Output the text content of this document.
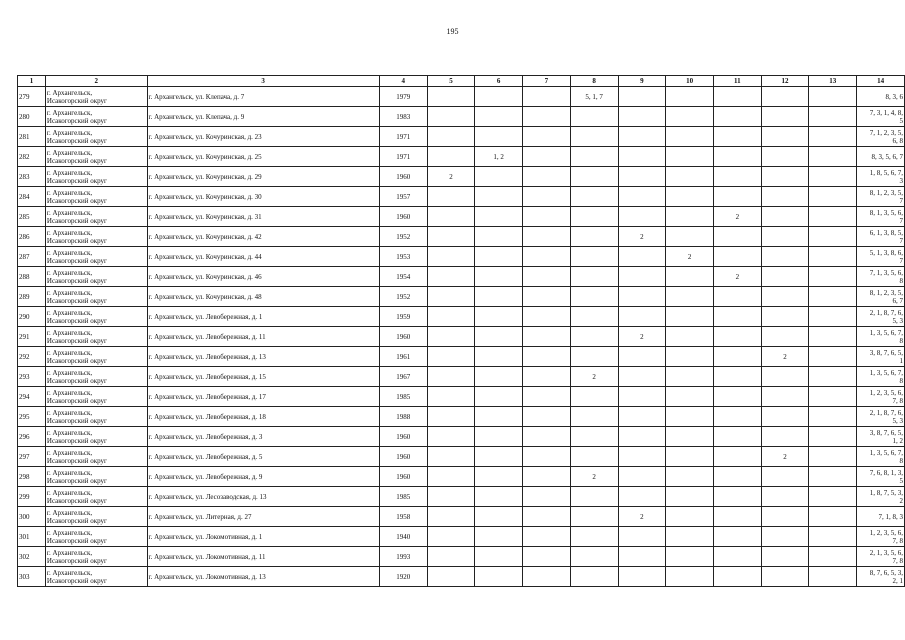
195
1	2	3	4	5	6	7	8	9	10	11	12	13	14
279	г. Архангельск,
Исакогорский округ	г. Архангельск, ул. Клепача, д. 7	1979				5, 1, 7						8, 3, 6
280	г. Архангельск,
Исакогорский округ	г. Архангельск, ул. Клепача, д. 9	1983										7, 3, 1, 4, 8,
5
281	г. Архангельск,
Исакогорский округ	г. Архангельск, ул. Кочуринская, д. 23	1971										7, 1, 2, 3, 5,
6, 8
282	г. Архангельск,
Исакогорский округ	г. Архангельск, ул. Кочуринская, д. 25	1971		1, 2								8, 3, 5, 6, 7
283	г. Архангельск,
Исакогорский округ	г. Архангельск, ул. Кочуринская, д. 29	1960	2									1, 8, 5, 6, 7,
3
284	г. Архангельск,
Исакогорский округ	г. Архангельск, ул. Кочуринская, д. 30	1957										8, 1, 2, 3, 5,
7
285	г. Архангельск,
Исакогорский округ	г. Архангельск, ул. Кочуринская, д. 31	1960							2			8, 1, 3, 5, 6,
7
286	г. Архангельск,
Исакогорский округ	г. Архангельск, ул. Кочуринская, д. 42	1952					2					6, 1, 3, 8, 5,
7
287	г. Архангельск,
Исакогорский округ	г. Архангельск, ул. Кочуринская, д. 44	1953						2				5, 1, 3, 8, 6,
7
288	г. Архангельск,
Исакогорский округ	г. Архангельск, ул. Кочуринская, д. 46	1954							2			7, 1, 3, 5, 6,
8
289	г. Архангельск,
Исакогорский округ	г. Архангельск, ул. Кочуринская, д. 48	1952										8, 1, 2, 3, 5,
6, 7
290	г. Архангельск,
Исакогорский округ	г. Архангельск, ул. Левобережная, д. 1	1959										2, 1, 8, 7, 6,
5, 3
291	г. Архангельск,
Исакогорский округ	г. Архангельск, ул. Левобережная, д. 11	1960					2					1, 3, 5, 6, 7,
8
292	г. Архангельск,
Исакогорский округ	г. Архангельск, ул. Левобережная, д. 13	1961								2		3, 8, 7, 6, 5,
1
293	г. Архангельск,
Исакогорский округ	г. Архангельск, ул. Левобережная, д. 15	1967				2						1, 3, 5, 6, 7,
8
294	г. Архангельск,
Исакогорский округ	г. Архангельск, ул. Левобережная, д. 17	1985										1, 2, 3, 5, 6,
7, 8
295	г. Архангельск,
Исакогорский округ	г. Архангельск, ул. Левобережная, д. 18	1988										2, 1, 8, 7, 6,
5, 3
296	г. Архангельск,
Исакогорский округ	г. Архангельск, ул. Левобережная, д. 3	1960										3, 8, 7, 6, 5,
1, 2
297	г. Архангельск,
Исакогорский округ	г. Архангельск, ул. Левобережная, д. 5	1960								2		1, 3, 5, 6, 7,
8
298	г. Архангельск,
Исакогорский округ	г. Архангельск, ул. Левобережная, д. 9	1960				2						7, 6, 8, 1, 3,
5
299	г. Архангельск,
Исакогорский округ	г. Архангельск, ул. Лесозаводская, д. 13	1985										1, 8, 7, 5, 3,
2
300	г. Архангельск,
Исакогорский округ	г. Архангельск, ул. Литерная, д. 27	1958					2					7, 1, 8, 3
301	г. Архангельск,
Исакогорский округ	г. Архангельск, ул. Локомотивная, д. 1	1940										1, 2, 3, 5, 6,
7, 8
302	г. Архангельск,
Исакогорский округ	г. Архангельск, ул. Локомотивная, д. 11	1993										2, 1, 3, 5, 6,
7, 8
303	г. Архангельск,
Исакогорский округ	г. Архангельск, ул. Локомотивная, д. 13	1920										8, 7, 6, 5, 3,
2, 1
